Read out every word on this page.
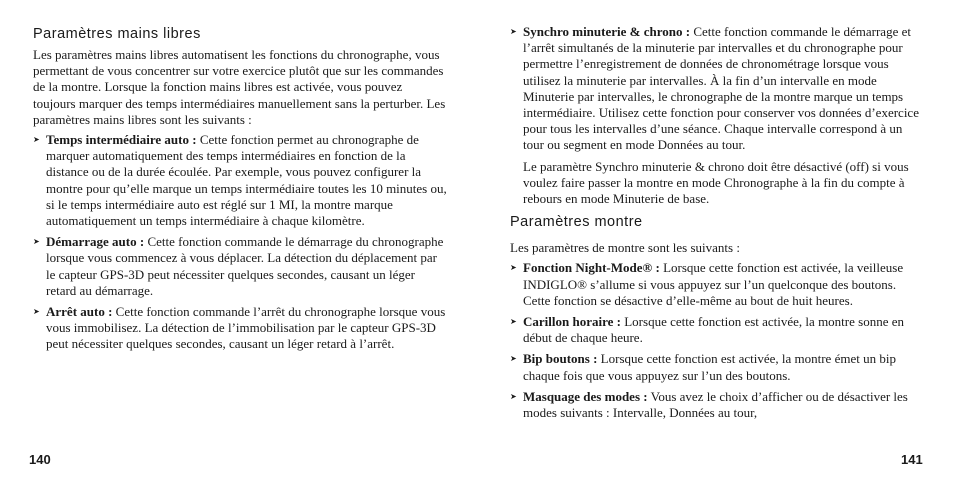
Paramètres mains libres

Les paramètres mains libres automatisent les fonctions du chronographe, vous permettant de vous concentrer sur votre exercice plutôt que sur les commandes de la montre. Lorsque la fonction mains libres est activée, vous pouvez toujours marquer des temps intermédiaires manuellement sans la perturber. Les paramètres mains libres sont les suivants :

➤ Temps intermédiaire auto : Cette fonction permet au chronographe de marquer automatiquement des temps intermédiaires en fonction de la distance ou de la durée écoulée. Par exemple, vous pouvez configurer la montre pour qu’elle marque un temps intermédiaire toutes les 10 minutes ou, si le temps intermédiaire auto est réglé sur 1 MI, la montre marque automatiquement un temps intermédiaire à chaque kilomètre.
➤ Démarrage auto : Cette fonction commande le démarrage du chronographe lorsque vous commencez à vous déplacer. La détection du déplacement par le capteur GPS-3D peut nécessiter quelques secondes, causant un léger retard au démarrage.
➤ Arrêt auto : Cette fonction commande l’arrêt du chronographe lorsque vous vous immobilisez. La détection de l’immobilisation par le capteur GPS-3D peut nécessiter quelques secondes, causant un léger retard à l’arrêt.
➤ Synchro minuterie & chrono : Cette fonction commande le démarrage et l’arrêt simultanés de la minuterie par intervalles et du chronographe pour permettre l’enregistrement de données de chronométrage lorsque vous utilisez la minuterie par intervalles. À la fin d’un intervalle en mode Minuterie par intervalles, le chronographe de la montre marque un temps intermédiaire. Utilisez cette fonction pour conserver vos données d’exercice pour tous les intervalles d’une séance. Chaque intervalle correspond à un tour ou segment en mode Données au tour.

Le paramètre Synchro minuterie & chrono doit être désactivé (off) si vous voulez faire passer la montre en mode Chronographe à la fin du compte à rebours en mode Minuterie de base.

Paramètres montre

Les paramètres de montre sont les suivants :

➤ Fonction Night-Mode® : Lorsque cette fonction est activée, la veilleuse INDIGLO® s’allume si vous appuyez sur l’un quelconque des boutons. Cette fonction se désactive d’elle-même au bout de huit heures.
➤ Carillon horaire : Lorsque cette fonction est activée, la montre sonne en début de chaque heure.
➤ Bip boutons : Lorsque cette fonction est activée, la montre émet un bip chaque fois que vous appuyez sur l’un des boutons.
➤ Masquage des modes : Vous avez le choix d’afficher ou de désactiver les modes suivants : Intervalle, Données au tour,
140	141
